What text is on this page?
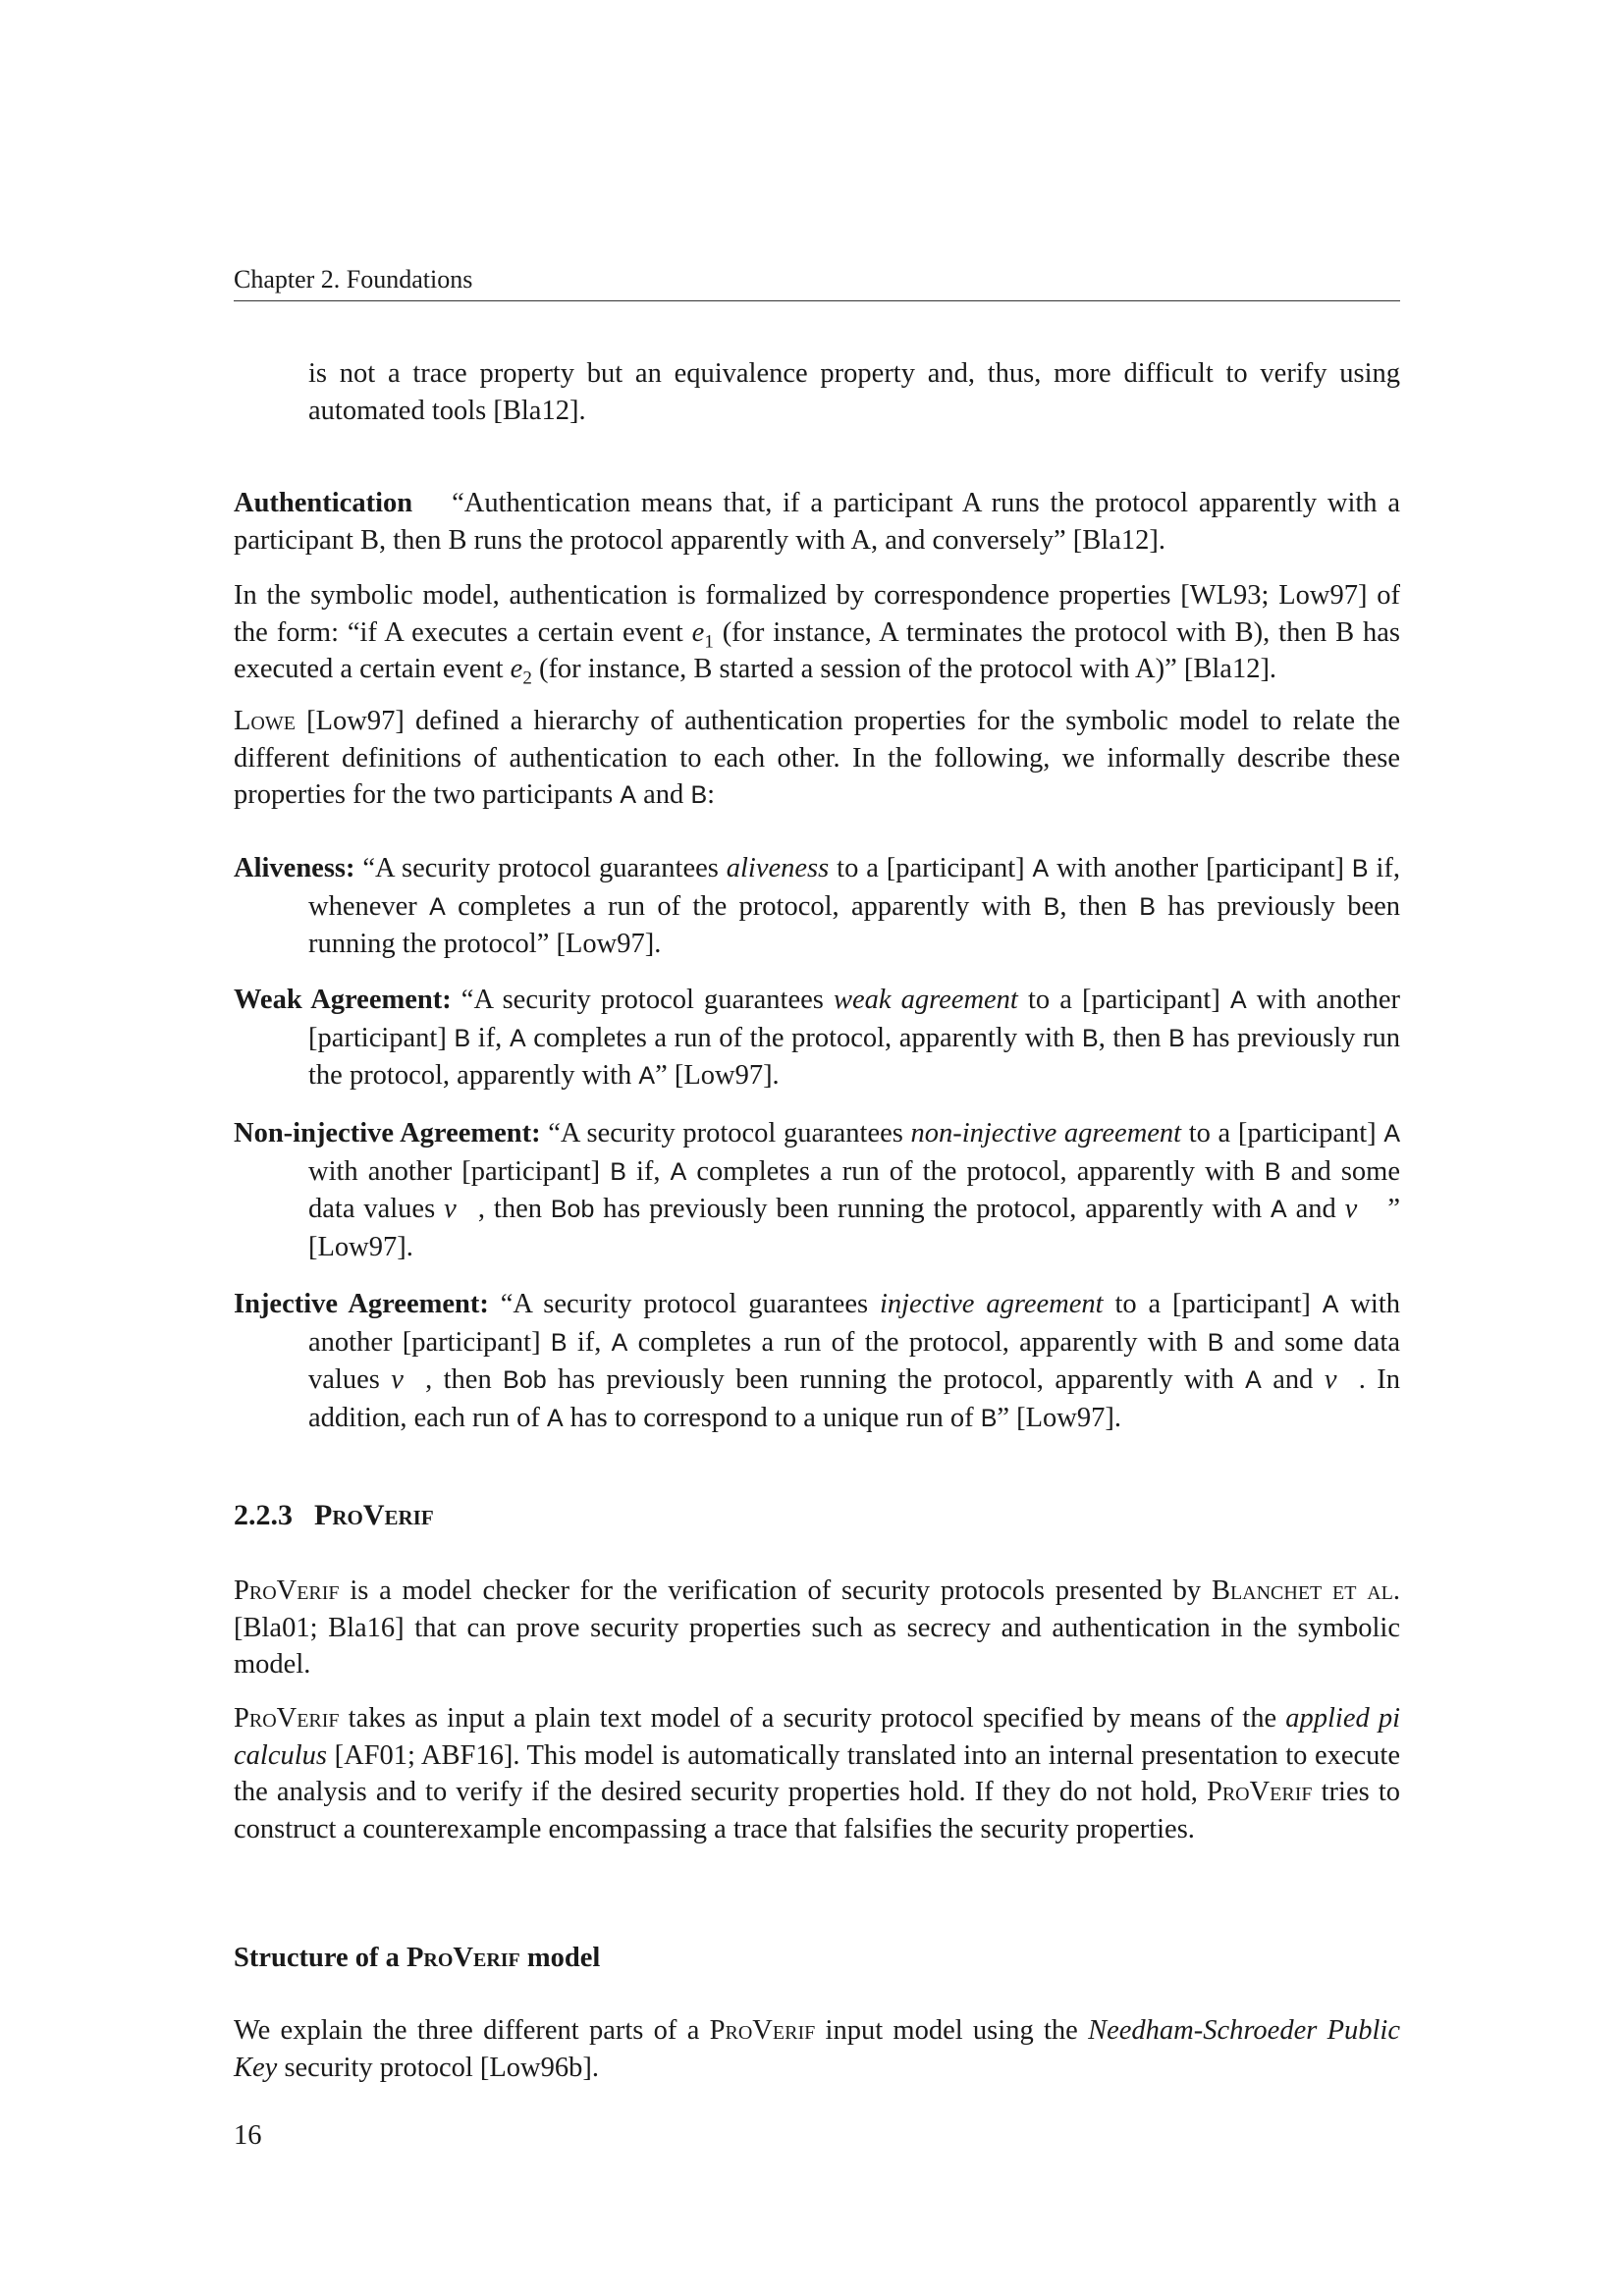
Chapter 2. Foundations
is not a trace property but an equivalence property and, thus, more difficult to verify using automated tools [Bla12].
Authentication “Authentication means that, if a participant A runs the protocol apparently with a participant B, then B runs the protocol apparently with A, and conversely” [Bla12].
In the symbolic model, authentication is formalized by correspondence properties [WL93; Low97] of the form: “if A executes a certain event $e_1$ (for instance, A terminates the protocol with B), then B has executed a certain event $e_2$ (for instance, B started a session of the protocol with A)” [Bla12].
Lowe [Low97] defined a hierarchy of authentication properties for the symbolic model to relate the different definitions of authentication to each other. In the following, we informally describe these properties for the two participants A and B:
Aliveness: “A security protocol guarantees aliveness to a [participant] A with another [participant] B if, whenever A completes a run of the protocol, apparently with B, then B has previously been running the protocol” [Low97].
Weak Agreement: “A security protocol guarantees weak agreement to a [participant] A with another [participant] B if, A completes a run of the protocol, apparently with B, then B has previously run the protocol, apparently with A” [Low97].
Non-injective Agreement: “A security protocol guarantees non-injective agreement to a [participant] A with another [participant] B if, A completes a run of the protocol, apparently with B and some data values v⃗, then Bob has previously been running the protocol, apparently with A and v⃗ ” [Low97].
Injective Agreement: “A security protocol guarantees injective agreement to a [participant] A with another [participant] B if, A completes a run of the protocol, apparently with B and some data values v⃗, then Bob has previously been running the protocol, apparently with A and v⃗. In addition, each run of A has to correspond to a unique run of B” [Low97].
2.2.3 ProVerif
ProVerif is a model checker for the verification of security protocols presented by Blanchet et al. [Bla01; Bla16] that can prove security properties such as secrecy and authentication in the symbolic model.
ProVerif takes as input a plain text model of a security protocol specified by means of the applied pi calculus [AF01; ABF16]. This model is automatically translated into an internal presentation to execute the analysis and to verify if the desired security properties hold. If they do not hold, ProVerif tries to construct a counterexample encompassing a trace that falsifies the security properties.
Structure of a ProVerif model
We explain the three different parts of a ProVerif input model using the Needham-Schroeder Public Key security protocol [Low96b].
16
